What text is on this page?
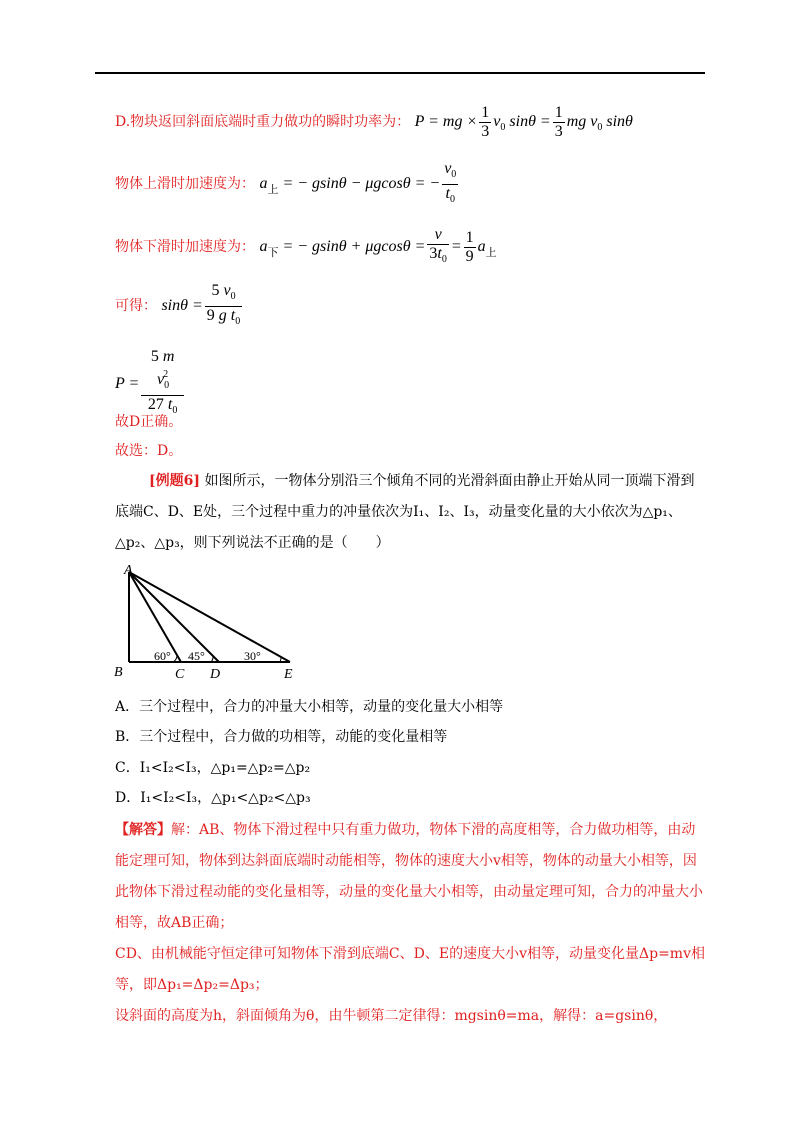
D.物块返回斜面底端时重力做功的瞬时功率为： P = mg × $\frac{1}{3} v_0$ $\sin\theta = \frac{1}{3}$ mg $v_0$ sinθ
物体上滑时加速度为： $a_上$ = − gsinθ − μgcosθ = − $\frac{v_0}{t_0}$
物体下滑时加速度为： $a_下$ = − $gsin\theta + \mu gcos\theta = \frac{v}{3t_0} = \frac{1}{9} a_上$
可得： $\sin\theta = \frac{5 v_0}{9 g t_0}$
$P = \frac{5 m v_0^2}{27 t_0}$
故D正确。
故选：D。
[例题6] 如图所示，一物体分别沿三个倾角不同的光滑斜面由静止开始从同一顶端下滑到
底端C、D、E处，三个过程中重力的冲量依次为I₁、I₂、I₃，动量变化量的大小依次为△p₁、
△p₂、△p₃，则下列说法不正确的是（　　）
A
B	C D	E
60° 45°	30°
A．三个过程中，合力的冲量大小相等，动量的变化量大小相等
B．三个过程中，合力做的功相等，动能的变化量相等
C．I₁<I₂<I₃，△p₁=△p₂=△p₂
D．I₁<I₂<I₃，△p₁<△p₂<△p₃
【解答】解：AB、物体下滑过程中只有重力做功，物体下滑的高度相等，合力做功相等，由动能定理可知，物体到达斜面底端时动能相等，物体的速度大小v相等，物体的动量大小相等，因此物体下滑过程动能的变化量相等，动量的变化量大小相等，由动量定理可知，合力的冲量大小相等，故AB正确；
CD、由机械能守恒定律可知物体下滑到底端C、D、E的速度大小v相等，动量变化量Δp=mv相等，即Δp₁=Δp₂=Δp₃；
设斜面的高度为h，斜面倾角为θ，由牛顿第二定律得：mgsinθ=ma，解得：a=gsinθ，
